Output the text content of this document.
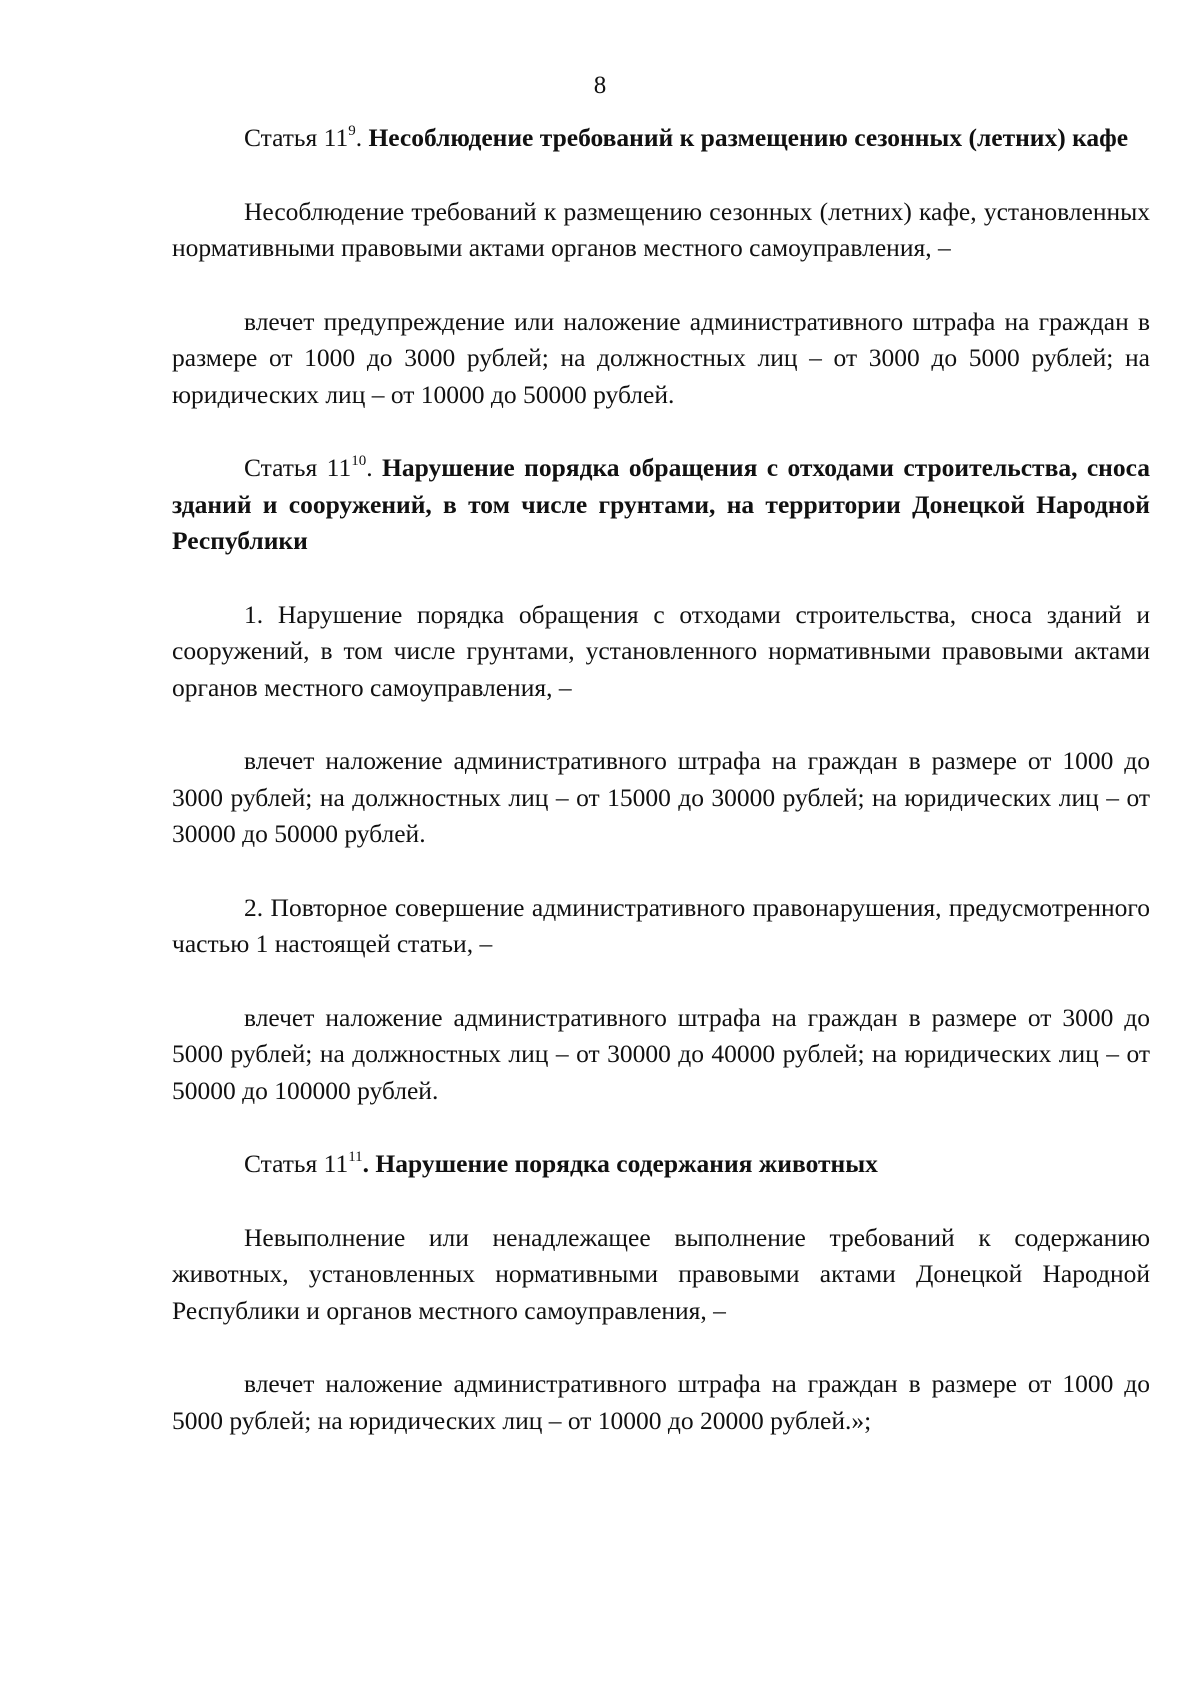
8

Статья $11^9$. Несоблюдение требований к размещению сезонных (летних) кафе

Несоблюдение требований к размещению сезонных (летних) кафе, установленных нормативными правовыми актами органов местного самоуправления, –

влечет предупреждение или наложение административного штрафа на граждан в размере от 1000 до 3000 рублей; на должностных лиц – от 3000 до 5000 рублей; на юридических лиц – от 10000 до 50000 рублей.

Статья $11^{10}$. Нарушение порядка обращения с отходами строительства, сноса зданий и сооружений, в том числе грунтами, на территории Донецкой Народной Республики

1. Нарушение порядка обращения с отходами строительства, сноса зданий и сооружений, в том числе грунтами, установленного нормативными правовыми актами органов местного самоуправления, –

влечет наложение административного штрафа на граждан в размере от 1000 до 3000 рублей; на должностных лиц – от 15000 до 30000 рублей; на юридических лиц – от 30000 до 50000 рублей.

2. Повторное совершение административного правонарушения, предусмотренного частью 1 настоящей статьи, –

влечет наложение административного штрафа на граждан в размере от 3000 до 5000 рублей; на должностных лиц – от 30000 до 40000 рублей; на юридических лиц – от 50000 до 100000 рублей.

Статья $11^{11}$. Нарушение порядка содержания животных

Невыполнение или ненадлежащее выполнение требований к содержанию животных, установленных нормативными правовыми актами Донецкой Народной Республики и органов местного самоуправления, –

влечет наложение административного штрафа на граждан в размере от 1000 до 5000 рублей; на юридических лиц – от 10000 до 20000 рублей.»;
